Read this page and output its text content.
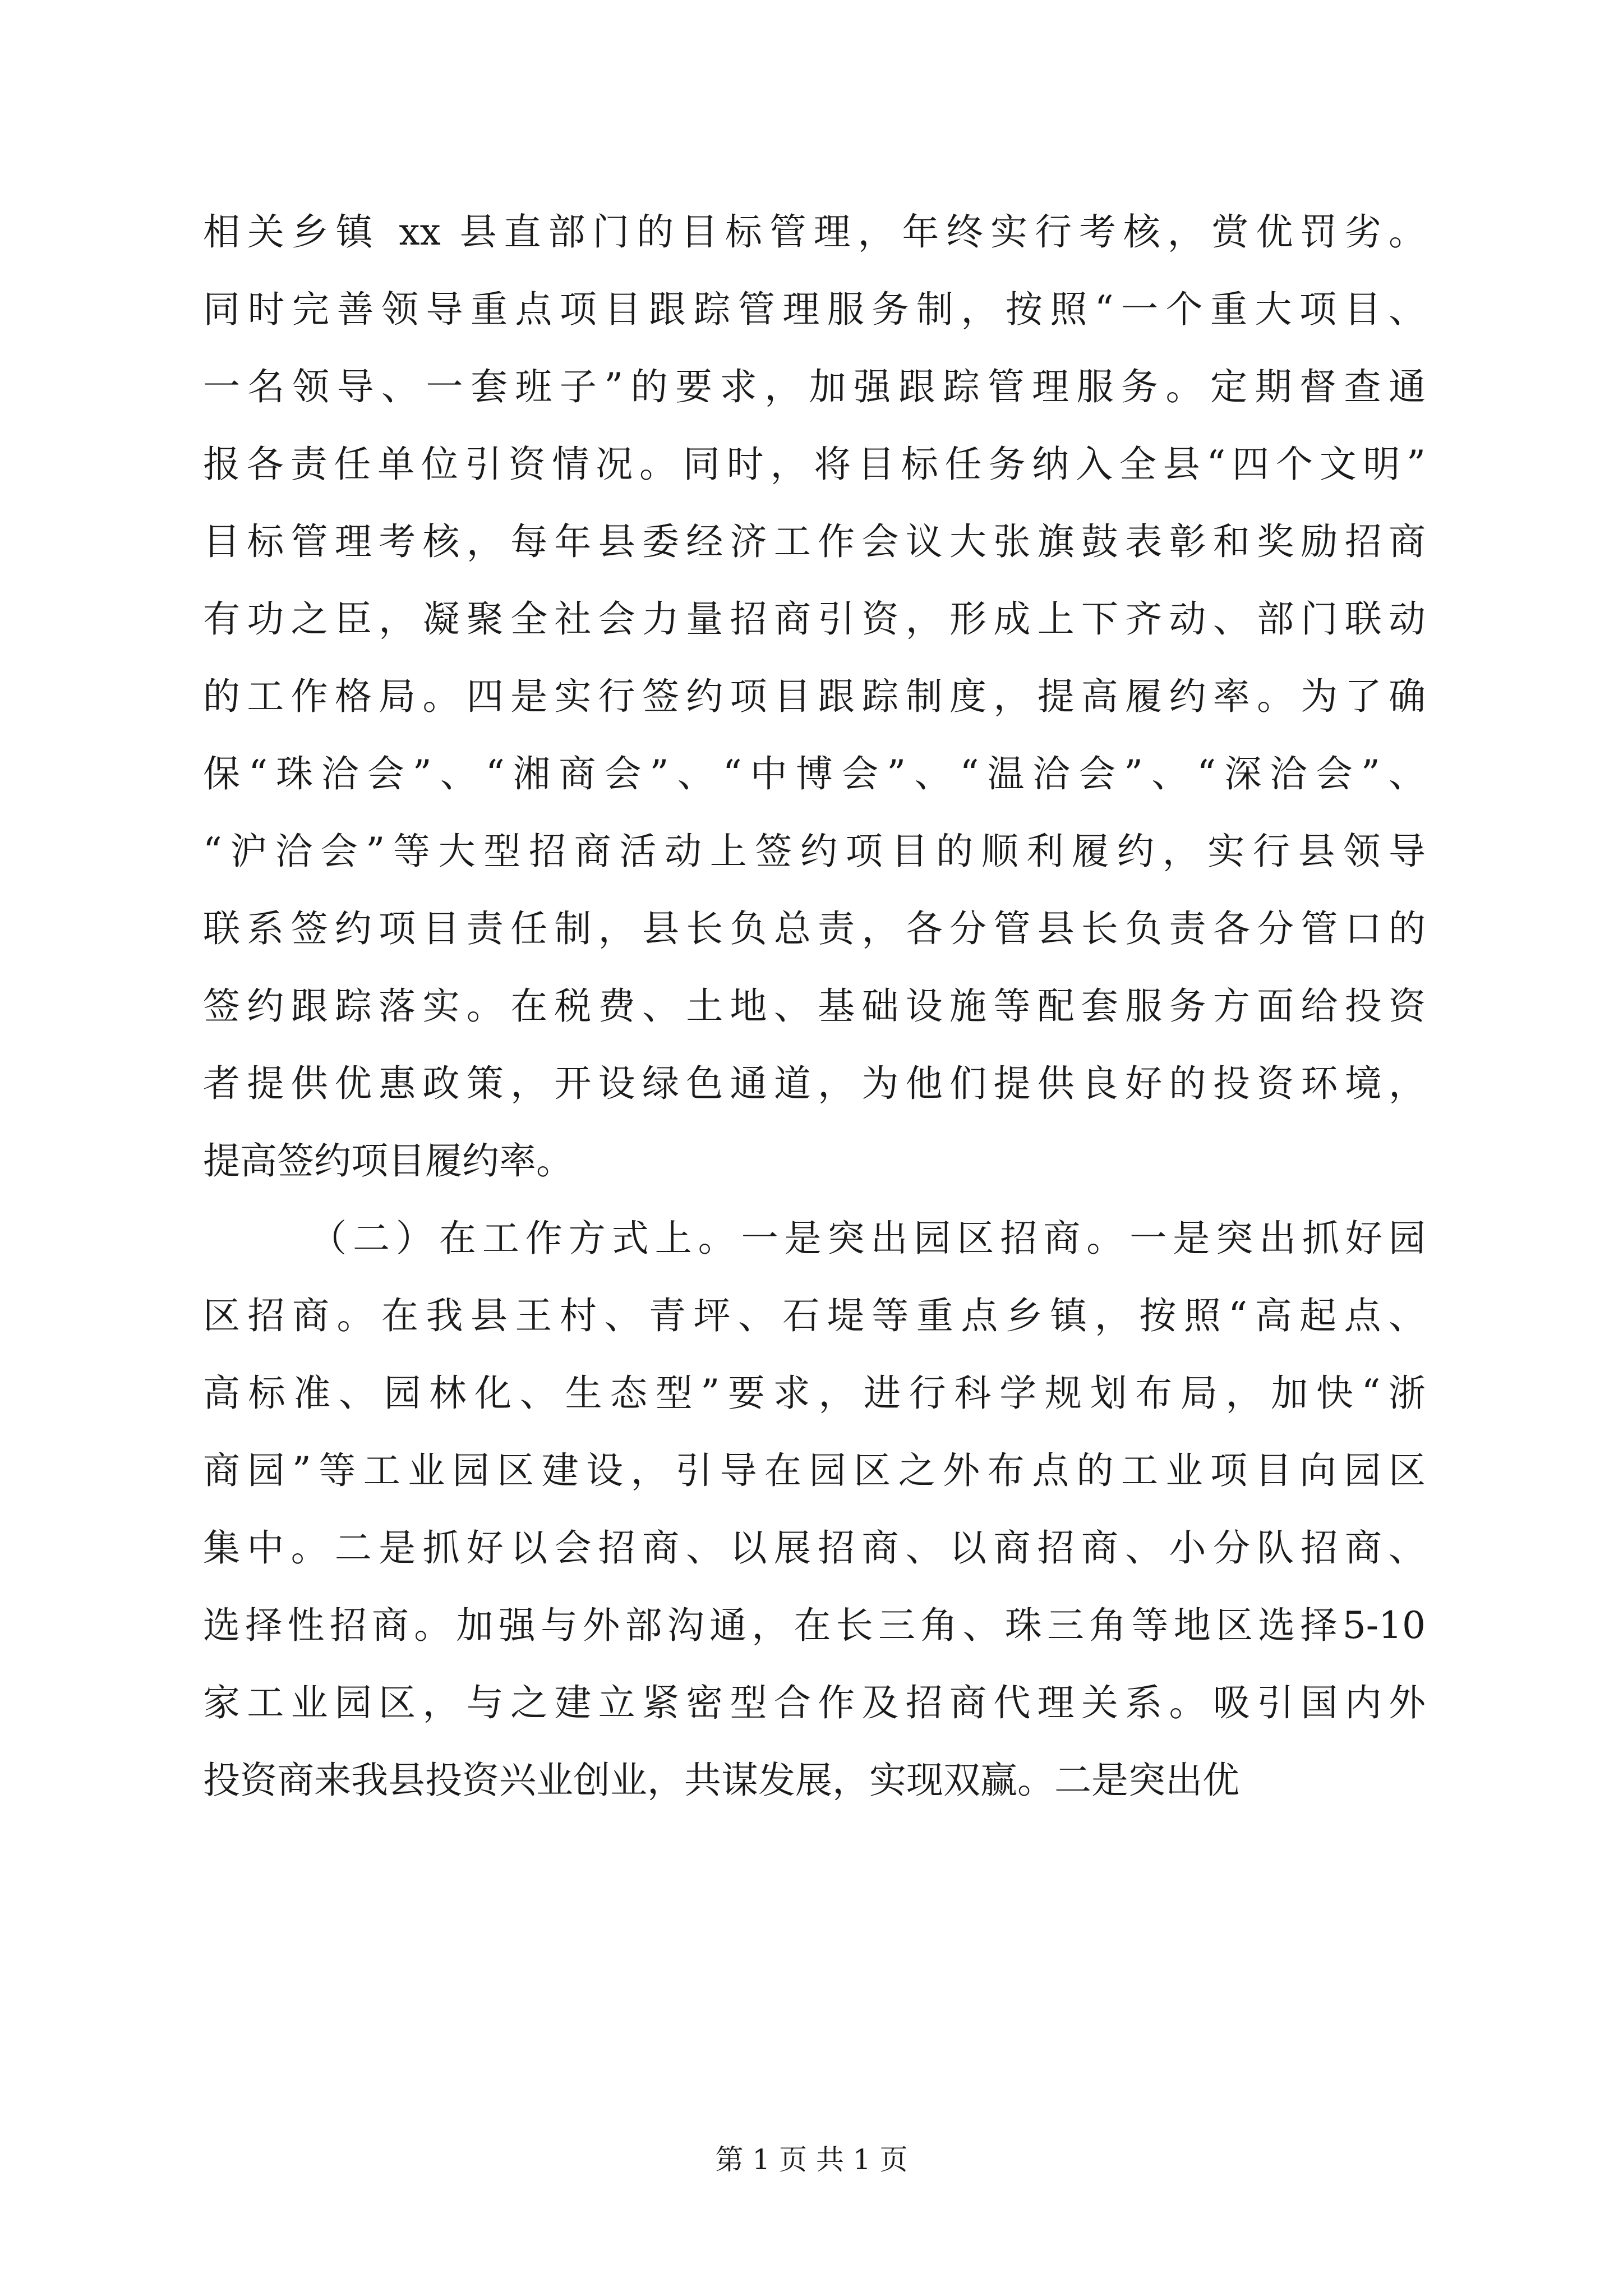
相关乡镇 xx 县直部门的目标管理，年终实行考核，赏优罚劣。
同时完善领导重点项目跟踪管理服务制，按照“一个重大项目、
一名领导、一套班子”的要求，加强跟踪管理服务。定期督查通
报各责任单位引资情况。同时，将目标任务纳入全县“四个文明”
目标管理考核，每年县委经济工作会议大张旗鼓表彰和奖励招商
有功之臣，凝聚全社会力量招商引资，形成上下齐动、部门联动
的工作格局。四是实行签约项目跟踪制度，提高履约率。为了确
保“珠洽会”、“湘商会”、“中博会”、“温洽会”、“深洽会”、
“沪洽会”等大型招商活动上签约项目的顺利履约，实行县领导
联系签约项目责任制，县长负总责，各分管县长负责各分管口的
签约跟踪落实。在税费、土地、基础设施等配套服务方面给投资
者提供优惠政策，开设绿色通道，为他们提供良好的投资环境，
提高签约项目履约率。
（二）在工作方式上。一是突出园区招商。一是突出抓好园
区招商。在我县王村、青坪、石堤等重点乡镇，按照“高起点、
高标准、园林化、生态型”要求，进行科学规划布局，加快“浙
商园”等工业园区建设，引导在园区之外布点的工业项目向园区
集中。二是抓好以会招商、以展招商、以商招商、小分队招商、
选择性招商。加强与外部沟通，在长三角、珠三角等地区选择5-10
家工业园区，与之建立紧密型合作及招商代理关系。吸引国内外
投资商来我县投资兴业创业，共谋发展，实现双赢。二是突出优
第 1 页 共 1 页
